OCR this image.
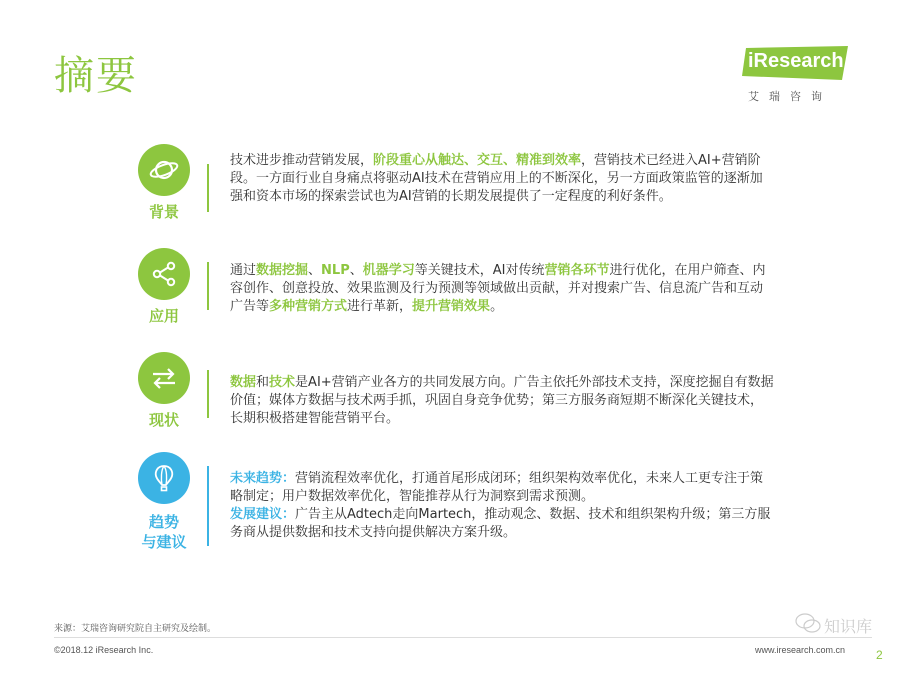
摘要	iResearch
艾瑞咨询
背景
技术进步推动营销发展，阶段重心从触达、交互、精准到效率，营销技术已经进入AI+营销阶段。一方面行业自身痛点将驱动AI技术在营销应用上的不断深化，另一方面政策监管的逐渐加强和资本市场的探索尝试也为AI营销的长期发展提供了一定程度的利好条件。
应用
通过数据挖掘、NLP、机器学习等关键技术，AI对传统营销各环节进行优化，在用户筛查、内容创作、创意投放、效果监测及行为预测等领域做出贡献，并对搜索广告、信息流广告和互动广告等多种营销方式进行革新，提升营销效果。
现状
数据和技术是AI+营销产业各方的共同发展方向。广告主依托外部技术支持，深度挖掘自有数据价值；媒体方数据与技术两手抓，巩固自身竞争优势；第三方服务商短期不断深化关键技术，长期积极搭建智能营销平台。
趋势
与建议
未来趋势：营销流程效率优化，打通首尾形成闭环；组织架构效率优化，未来人工更专注于策略制定；用户数据效率优化，智能推荐从行为洞察到需求预测。
发展建议：广告主从Adtech走向Martech，推动观念、数据、技术和组织架构升级；第三方服务商从提供数据和技术支持向提供解决方案升级。
来源：艾瑞咨询研究院自主研究及绘制。
©2018.12 iResearch Inc.	www.iresearch.com.cn	2
知识库
